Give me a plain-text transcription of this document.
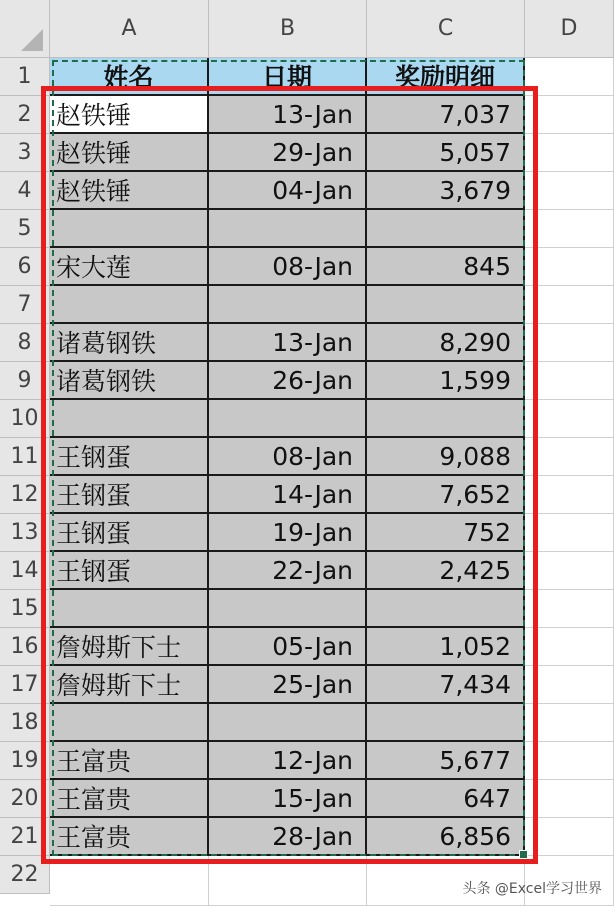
A	B	C	D
1
2
3
4
5
6
7
8
9
10
11
12
13
14
15
16
17
18
19
20
21
22
姓名	日期	奖励明细
赵铁锤	13-Jan	7,037
赵铁锤	29-Jan	5,057
赵铁锤	04-Jan	3,679
宋大莲	08-Jan	845
诸葛钢铁	13-Jan	8,290
诸葛钢铁	26-Jan	1,599
王钢蛋	08-Jan	9,088
王钢蛋	14-Jan	7,652
王钢蛋	19-Jan	752
王钢蛋	22-Jan	2,425
詹姆斯下士	05-Jan	1,052
詹姆斯下士	25-Jan	7,434
王富贵	12-Jan	5,677
王富贵	15-Jan	647
王富贵	28-Jan	6,856
头条 @Excel学习世界
